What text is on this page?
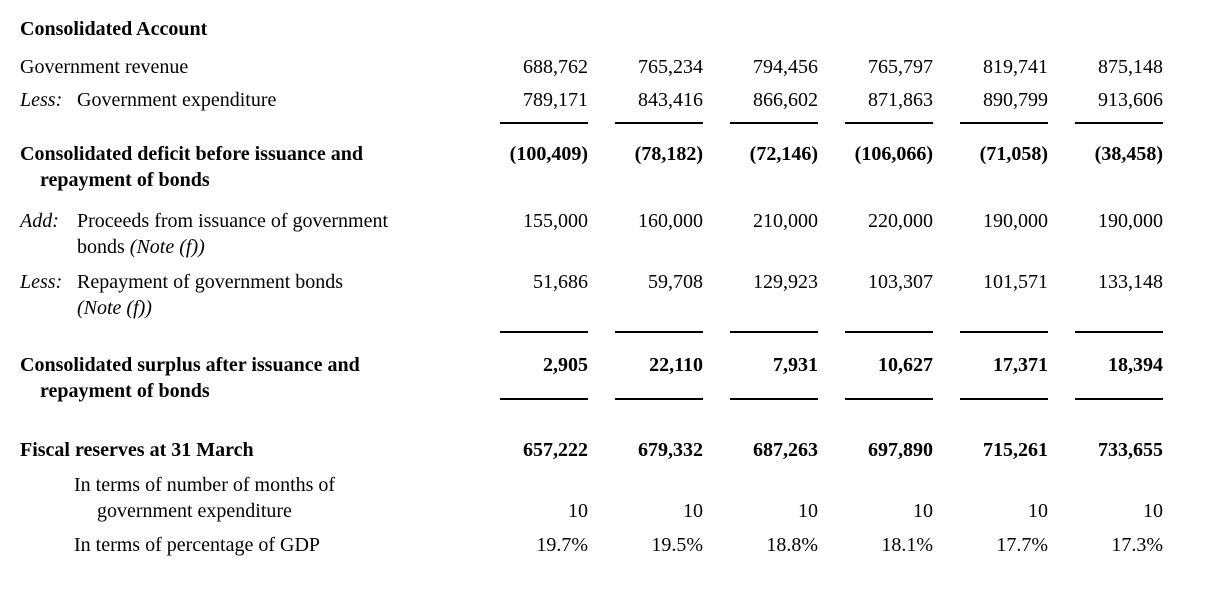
Consolidated Account
Government revenue	688,762	765,234	794,456	765,797	819,741	875,148
Less: Government expenditure	789,171	843,416	866,602	871,863	890,799	913,606
Consolidated deficit before issuance and
repayment of bonds
(100,409)	(78,182)	(72,146)	(106,066)	(71,058)	(38,458)
Add: Proceeds from issuance of government
bonds (Note (f))
155,000	160,000	210,000	220,000	190,000	190,000
Less: Repayment of government bonds
(Note (f))
51,686	59,708	129,923	103,307	101,571	133,148
Consolidated surplus after issuance and
repayment of bonds
2,905	22,110	7,931	10,627	17,371	18,394
Fiscal reserves at 31 March	657,222	679,332	687,263	697,890	715,261	733,655
In terms of number of months of
government expenditure	10	10	10	10	10	10
In terms of percentage of GDP	19.7%	19.5%	18.8%	18.1%	17.7%	17.3%
